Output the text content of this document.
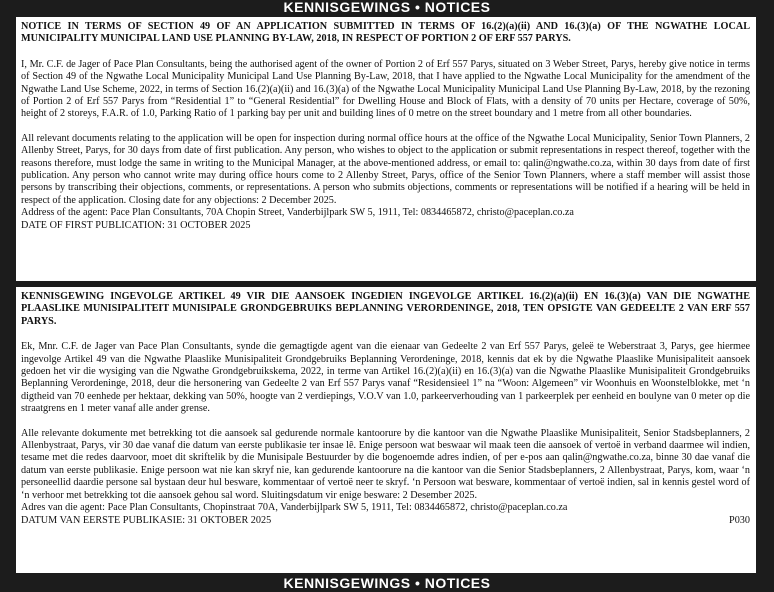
KENNISGEWINGS • NOTICES

NOTICE IN TERMS OF SECTION 49 OF AN APPLICATION SUBMITTED IN TERMS OF 16.(2)(a)(ii) AND 16.(3)(a) OF THE NGWATHE LOCAL MUNICIPALITY MUNICIPAL LAND USE PLANNING BY-LAW, 2018, IN RESPECT OF PORTION 2 OF ERF 557 PARYS.

I, Mr. C.F. de Jager of Pace Plan Consultants, being the authorised agent of the owner of Portion 2 of Erf 557 Parys, situated on 3 Weber Street, Parys, hereby give notice in terms of Section 49 of the Ngwathe Local Municipality Municipal Land Use Planning By-Law, 2018, that I have applied to the Ngwathe Local Municipality for the amendment of the Ngwathe Land Use Scheme, 2022, in terms of Section 16.(2)(a)(ii) and 16.(3)(a) of the Ngwathe Local Municipality Municipal Land Use Planning By-Law, 2018, by the rezoning of Portion 2 of Erf 557 Parys from “Residential 1” to “General Residential” for Dwelling House and Block of Flats, with a density of 70 units per Hectare, coverage of 50%, height of 2 storeys, F.A.R. of 1.0, Parking Ratio of 1 parking bay per unit and building lines of 0 metre on the street boundary and 1 metre from all other boundaries.

All relevant documents relating to the application will be open for inspection during normal office hours at the office of the Ngwathe Local Municipality, Senior Town Planners, 2 Allenby Street, Parys, for 30 days from date of first publication. Any person, who wishes to object to the application or submit representations in respect thereof, together with the reasons therefore, must lodge the same in writing to the Municipal Manager, at the above-mentioned address, or email to: qalin@ngwathe.co.za, within 30 days from date of first publication. Any person who cannot write may during office hours come to 2 Allenby Street, Parys, office of the Senior Town Planners, where a staff member will assist those persons by transcribing their objections, comments, or representations. A person who submits objections, comments or representations will be notified if a hearing will be held in respect of the application. Closing date for any objections: 2 December 2025.

Address of the agent: Pace Plan Consultants, 70A Chopin Street, Vanderbijlpark SW 5, 1911, Tel: 0834465872, christo@paceplan.co.za

DATE OF FIRST PUBLICATION: 31 OCTOBER 2025

KENNISGEWING INGEVOLGE ARTIKEL 49 VIR DIE AANSOEK INGEDIEN INGEVOLGE ARTIKEL 16.(2)(a)(ii) EN 16.(3)(a) VAN DIE NGWATHE PLAASLIKE MUNISIPALITEIT MUNISIPALE GRONDGEBRUIKS BEPLANNING VERORDENINGE, 2018, TEN OPSIGTE VAN GEDEELTE 2 VAN ERF 557 PARYS.

Ek, Mnr. C.F. de Jager van Pace Plan Consultants, synde die gemagtigde agent van die eienaar van Gedeelte 2 van Erf 557 Parys, geleë te Weberstraat 3, Parys, gee hiermee ingevolge Artikel 49 van die Ngwathe Plaaslike Munisipaliteit Grondgebruiks Beplanning Verordeninge, 2018, kennis dat ek by die Ngwathe Plaaslike Munisipaliteit aansoek gedoen het vir die wysiging van die Ngwathe Grondgebruikskema, 2022, in terme van Artikel 16.(2)(a)(ii) en 16.(3)(a) van die Ngwathe Plaaslike Munisipaliteit Grondgebruiks Beplanning Verordeninge, 2018, deur die hersonering van Gedeelte 2 van Erf 557 Parys vanaf “Residensieel 1” na “Woon: Algemeen” vir Woonhuis en Woonstelblokke, met ‘n digtheid van 70 eenhede per hektaar, dekking van 50%, hoogte van 2 verdiepings, V.O.V van 1.0, parkeerverhouding van 1 parkeerplek per eenheid en boulyne van 0 meter op die straatgrens en 1 meter vanaf alle ander grense.

Alle relevante dokumente met betrekking tot die aansoek sal gedurende normale kantoorure by die kantoor van die Ngwathe Plaaslike Munisipaliteit, Senior Stadsbeplanners, 2 Allenbystraat, Parys, vir 30 dae vanaf die datum van eerste publikasie ter insae lê. Enige persoon wat beswaar wil maak teen die aansoek of vertoë in verband daarmee wil indien, tesame met die redes daarvoor, moet dit skriftelik by die Munisipale Bestuurder by die bogenoemde adres indien, of per e-pos aan qalin@ngwathe.co.za, binne 30 dae vanaf die datum van eerste publikasie. Enige persoon wat nie kan skryf nie, kan gedurende kantoorure na die kantoor van die Senior Stadsbeplanners, 2 Allenbystraat, Parys, kom, waar ‘n personeellid daardie persone sal bystaan deur hul besware, kommentaar of vertoë neer te skryf. ‘n Persoon wat besware, kommentaar of vertoë indien, sal in kennis gestel word of ‘n verhoor met betrekking tot die aansoek gehou sal word. Sluitingsdatum vir enige besware: 2 Desember 2025.

Adres van die agent: Pace Plan Consultants, Chopinstraat 70A, Vanderbijlpark SW 5, 1911, Tel: 0834465872, christo@paceplan.co.za

DATUM VAN EERSTE PUBLIKASIE: 31 OKTOBER 2025	P030
KENNISGEWINGS • NOTICES
